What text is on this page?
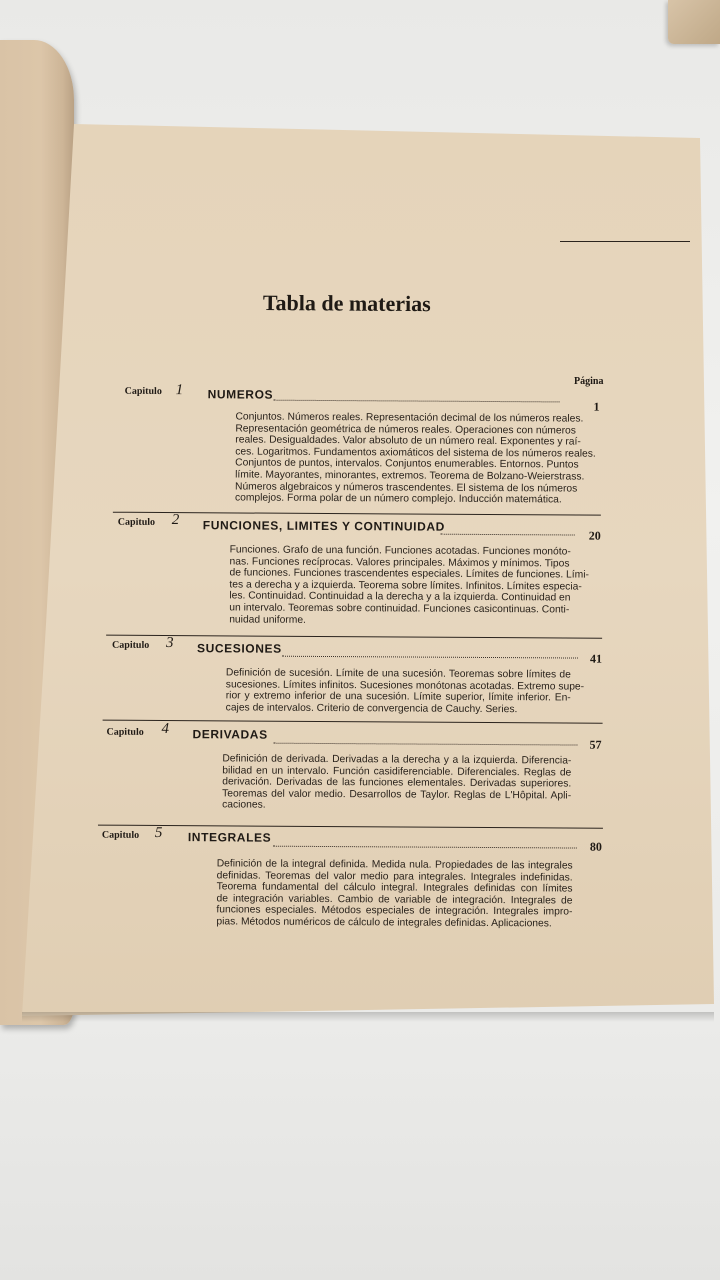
Tabla de materias
Página
Capitulo 1 NUMEROS
1
Conjuntos. Números reales. Representación decimal de los números reales.
Representación geométrica de números reales. Operaciones con números
reales. Desigualdades. Valor absoluto de un número real. Exponentes y raí-
ces. Logaritmos. Fundamentos axiomáticos del sistema de los números reales.
Conjuntos de puntos, intervalos. Conjuntos enumerables. Entornos. Puntos
límite. Mayorantes, minorantes, extremos. Teorema de Bolzano-Weierstrass.
Números algebraicos y números trascendentes. El sistema de los números
complejos. Forma polar de un número complejo. Inducción matemática.
Capitulo 2 FUNCIONES, LIMITES Y CONTINUIDAD
20
Funciones. Grafo de una función. Funciones acotadas. Funciones monóto-
nas. Funciones recíprocas. Valores principales. Máximos y mínimos. Tipos
de funciones. Funciones trascendentes especiales. Límites de funciones. Lími-
tes a derecha y a izquierda. Teorema sobre límites. Infinitos. Límites especia-
les. Continuidad. Continuidad a la derecha y a la izquierda. Continuidad en
un intervalo. Teoremas sobre continuidad. Funciones casicontinuas. Conti-
nuidad uniforme.
Capitulo 3 SUCESIONES
41
Definición de sucesión. Límite de una sucesión. Teoremas sobre límites de
sucesiones. Límites infinitos. Sucesiones monótonas acotadas. Extremo supe-
rior y extremo inferior de una sucesión. Límite superior, límite inferior. En-
cajes de intervalos. Criterio de convergencia de Cauchy. Series.
Capitulo 4 DERIVADAS
57
Definición de derivada. Derivadas a la derecha y a la izquierda. Diferencia-
bilidad en un intervalo. Función casidiferenciable. Diferenciales. Reglas de
derivación. Derivadas de las funciones elementales. Derivadas superiores.
Teoremas del valor medio. Desarrollos de Taylor. Reglas de L'Hôpital. Apli-
caciones.
Capitulo 5 INTEGRALES
80
Definición de la integral definida. Medida nula. Propiedades de las integrales
definidas. Teoremas del valor medio para integrales. Integrales indefinidas.
Teorema fundamental del cálculo integral. Integrales definidas con límites
de integración variables. Cambio de variable de integración. Integrales de
funciones especiales. Métodos especiales de integración. Integrales impro-
pias. Métodos numéricos de cálculo de integrales definidas. Aplicaciones.
